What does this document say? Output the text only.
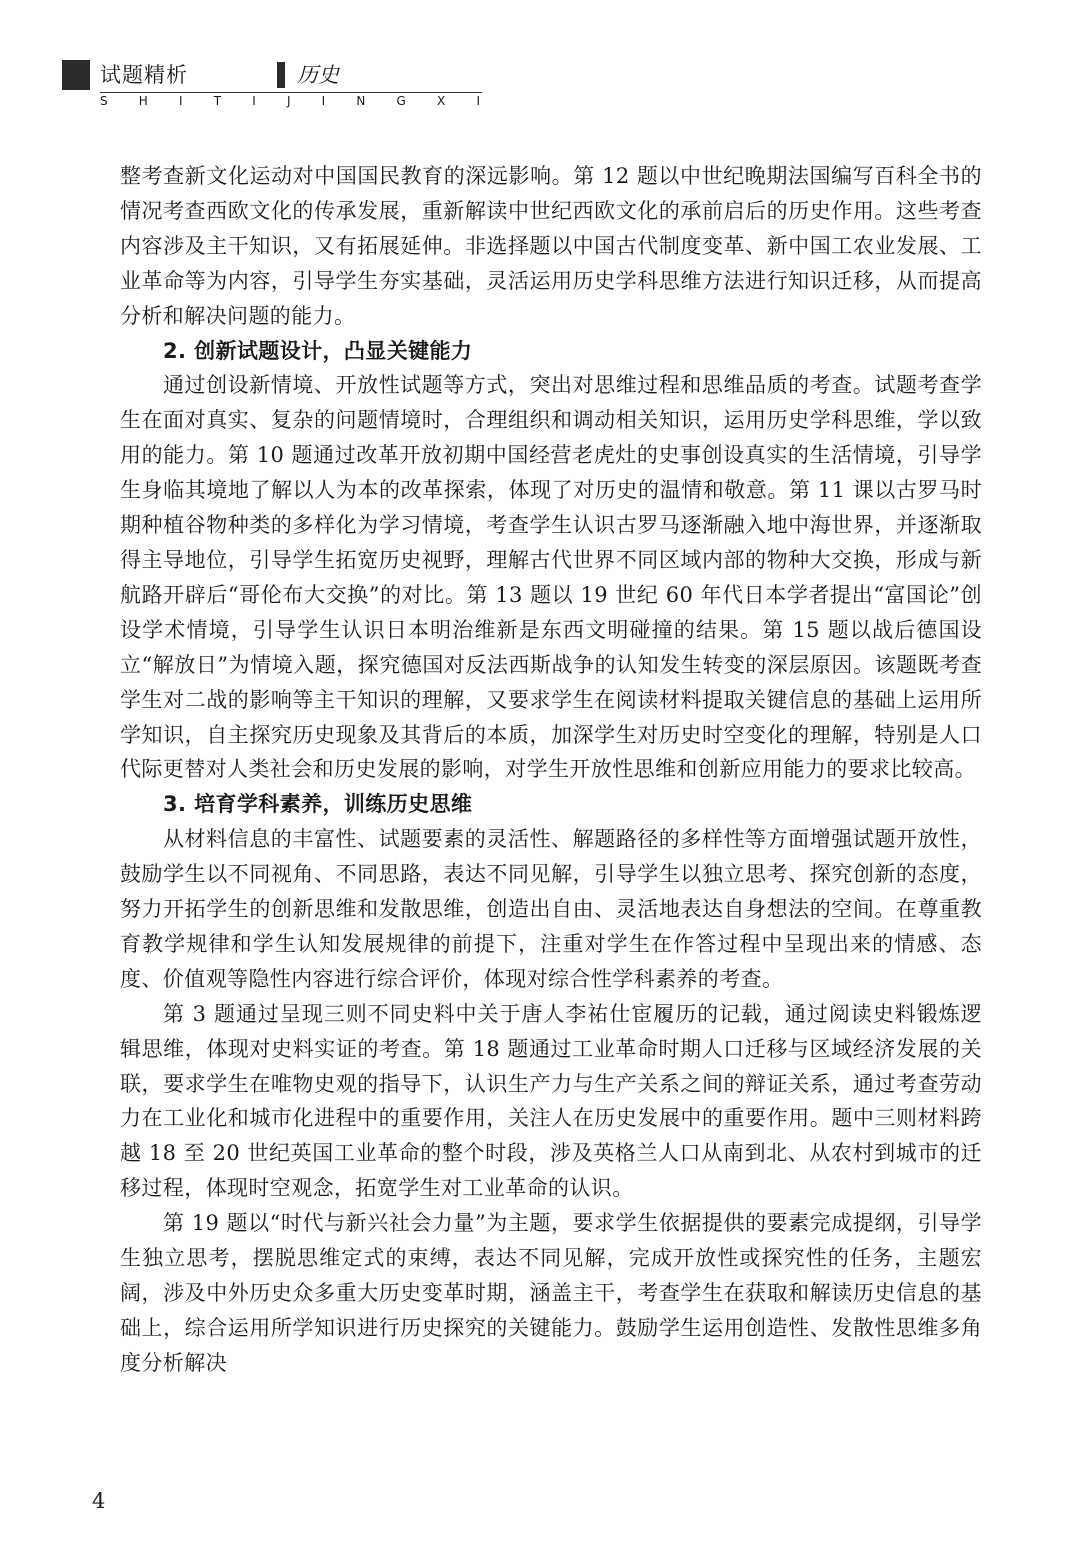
试题精析	历史
S	H	I	T	I	J	I	N	G	X	I

整考查新文化运动对中国国民教育的深远影响。第 12 题以中世纪晚期法国编写百科全书的情况考查西欧文化的传承发展，重新解读中世纪西欧文化的承前启后的历史作用。这些考查内容涉及主干知识，又有拓展延伸。非选择题以中国古代制度变革、新中国工农业发展、工业革命等为内容，引导学生夯实基础，灵活运用历史学科思维方法进行知识迁移，从而提高分析和解决问题的能力。

2. 创新试题设计，凸显关键能力

通过创设新情境、开放性试题等方式，突出对思维过程和思维品质的考查。试题考查学生在面对真实、复杂的问题情境时，合理组织和调动相关知识，运用历史学科思维，学以致用的能力。第 10 题通过改革开放初期中国经营老虎灶的史事创设真实的生活情境，引导学生身临其境地了解以人为本的改革探索，体现了对历史的温情和敬意。第 11 课以古罗马时期种植谷物种类的多样化为学习情境，考查学生认识古罗马逐渐融入地中海世界，并逐渐取得主导地位，引导学生拓宽历史视野，理解古代世界不同区域内部的物种大交换，形成与新航路开辟后“哥伦布大交换”的对比。第 13 题以 19 世纪 60 年代日本学者提出“富国论”创设学术情境，引导学生认识日本明治维新是东西文明碰撞的结果。第 15 题以战后德国设立“解放日”为情境入题，探究德国对反法西斯战争的认知发生转变的深层原因。该题既考查学生对二战的影响等主干知识的理解，又要求学生在阅读材料提取关键信息的基础上运用所学知识，自主探究历史现象及其背后的本质，加深学生对历史时空变化的理解，特别是人口代际更替对人类社会和历史发展的影响，对学生开放性思维和创新应用能力的要求比较高。

3. 培育学科素养，训练历史思维

从材料信息的丰富性、试题要素的灵活性、解题路径的多样性等方面增强试题开放性，鼓励学生以不同视角、不同思路，表达不同见解，引导学生以独立思考、探究创新的态度，努力开拓学生的创新思维和发散思维，创造出自由、灵活地表达自身想法的空间。在尊重教育教学规律和学生认知发展规律的前提下，注重对学生在作答过程中呈现出来的情感、态度、价值观等隐性内容进行综合评价，体现对综合性学科素养的考查。

第 3 题通过呈现三则不同史料中关于唐人李祐仕宦履历的记载，通过阅读史料锻炼逻辑思维，体现对史料实证的考查。第 18 题通过工业革命时期人口迁移与区域经济发展的关联，要求学生在唯物史观的指导下，认识生产力与生产关系之间的辩证关系，通过考查劳动力在工业化和城市化进程中的重要作用，关注人在历史发展中的重要作用。题中三则材料跨越 18 至 20 世纪英国工业革命的整个时段，涉及英格兰人口从南到北、从农村到城市的迁移过程，体现时空观念，拓宽学生对工业革命的认识。

第 19 题以“时代与新兴社会力量”为主题，要求学生依据提供的要素完成提纲，引导学生独立思考，摆脱思维定式的束缚，表达不同见解，完成开放性或探究性的任务，主题宏阔，涉及中外历史众多重大历史变革时期，涵盖主干，考查学生在获取和解读历史信息的基础上，综合运用所学知识进行历史探究的关键能力。鼓励学生运用创造性、发散性思维多角度分析解决

4
